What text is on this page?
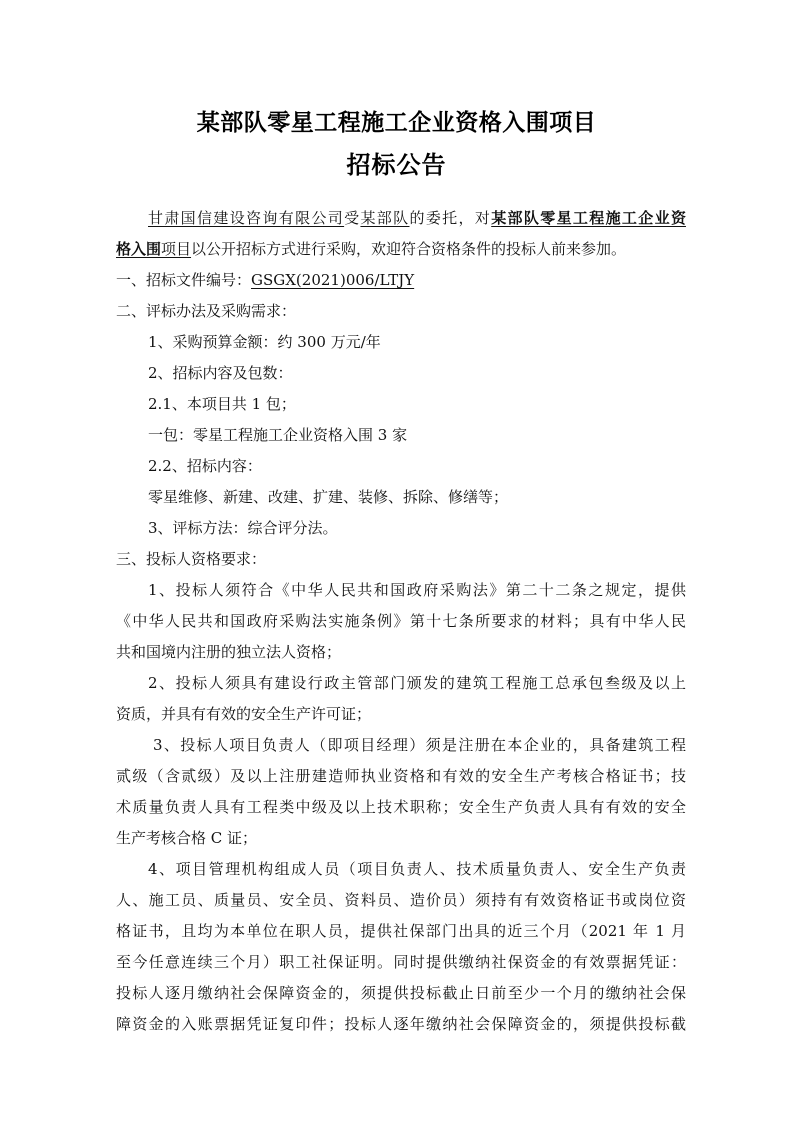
某部队零星工程施工企业资格入围项目
招标公告
甘肃国信建设咨询有限公司受某部队的委托，对某部队零星工程施工企业资
格入围项目以公开招标方式进行采购，欢迎符合资格条件的投标人前来参加。
一、招标文件编号：GSGX(2021)006/LTJY
二、评标办法及采购需求：
1、采购预算金额：约 300 万元/年
2、招标内容及包数：
2.1、本项目共 1 包；
一包：零星工程施工企业资格入围 3 家
2.2、招标内容：
零星维修、新建、改建、扩建、装修、拆除、修缮等；
3、评标方法：综合评分法。
三、投标人资格要求：
1、投标人须符合《中华人民共和国政府采购法》第二十二条之规定，提供
《中华人民共和国政府采购法实施条例》第十七条所要求的材料；具有中华人民
共和国境内注册的独立法人资格；
2、投标人须具有建设行政主管部门颁发的建筑工程施工总承包叁级及以上
资质，并具有有效的安全生产许可证；
3、投标人项目负责人（即项目经理）须是注册在本企业的，具备建筑工程
贰级（含贰级）及以上注册建造师执业资格和有效的安全生产考核合格证书；技
术质量负责人具有工程类中级及以上技术职称；安全生产负责人具有有效的安全
生产考核合格 C 证；
4、项目管理机构组成人员（项目负责人、技术质量负责人、安全生产负责
人、施工员、质量员、安全员、资料员、造价员）须持有有效资格证书或岗位资
格证书，且均为本单位在职人员，提供社保部门出具的近三个月（2021 年 1 月
至今任意连续三个月）职工社保证明。同时提供缴纳社保资金的有效票据凭证：
投标人逐月缴纳社会保障资金的，须提供投标截止日前至少一个月的缴纳社会保
障资金的入账票据凭证复印件；投标人逐年缴纳社会保障资金的，须提供投标截
